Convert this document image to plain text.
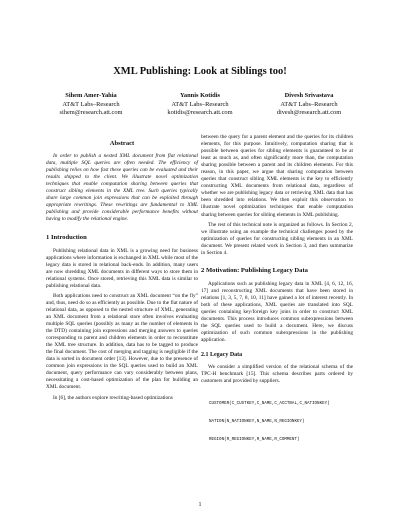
XML Publishing: Look at Siblings too!
Sihem Amer-Yahia
AT&T Labs–Research
sihem@research.att.com
Yannis Kotidis
AT&T Labs–Research
kotidis@research.att.com
Divesh Srivastava
AT&T Labs–Research
divesh@research.att.com
Abstract

In order to publish a nested XML document from flat relational data, multiple SQL queries are often needed. The efficiency of publishing relies on how fast these queries can be evaluated and their results shipped to the client. We illustrate novel optimization techniques that enable computation sharing between queries that construct sibling elements in the XML tree. Such queries typically share large common join expressions that can be exploited through appropriate rewritings. These rewritings are fundamental to XML publishing and provide considerable performance benefits without having to modify the relational engine.

1 Introduction

Publishing relational data in XML is a growing need for business applications where information is exchanged in XML while most of the legacy data is stored in relational back-ends. In addition, many users are now shredding XML documents in different ways to store them in relational systems. Once stored, retrieving this XML data is similar to publishing relational data.

Both applications need to construct an XML document “on the fly” and, thus, need do so as efficiently as possible. Due to the flat nature of relational data, as opposed to the nested structure of XML, generating an XML document from a relational store often involves evaluating multiple SQL queries (possibly as many as the number of elements in the DTD) containing join expressions and merging answers to queries corresponding to parent and children elements in order to reconstitute the XML tree structure. In addition, data has to be tagged to produce the final document. The cost of merging and tagging is negligible if the data is sorted in document order [13]. However, due to the presence of common join expressions in the SQL queries used to build an XML document, query performance can vary considerably between plans, necessitating a cost-based optimization of the plan for building an XML document.

In [6], the authors explore rewriting-based optimizations

between the query for a parent element and the queries for its children elements, for this purpose. Intuitively, computation sharing that is possible between queries for sibling elements is guaranteed to be at least as much as, and often significantly more than, the computation sharing possible between a parent and its children elements. For this reason, in this paper, we argue that sharing computation between queries that construct sibling XML elements is the key to efficiently constructing XML documents from relational data, regardless of whether we are publishing legacy data or retrieving XML data that has been shredded into relations. We then exploit this observation to illustrate novel optimization techniques that enable computation sharing between queries for sibling elements in XML publishing.

The rest of this technical note is organized as follows. In Section 2, we illustrate using an example the technical challenges posed by the optimization of queries for constructing sibling elements in an XML document. We present related work in Section 3, and then summarize in Section 4.

2 Motivation: Publishing Legacy Data

Applications such as publishing legacy data in XML [4, 6, 12, 16, 17] and reconstructing XML documents that have been stored in relations [1, 3, 5, 7, 8, 10, 11] have gained a lot of interest recently. In both of these applications, XML queries are translated into SQL queries containing key/foreign key joins in order to construct XML documents. This process introduces common subexpressions between the SQL queries used to build a document. Here, we discuss optimization of such common subexpressions in the publishing application.

2.1 Legacy Data

We consider a simplified version of the relational schema of the TPC-H benchmark [15]. This schema describes parts ordered by customers and provided by suppliers.

CUSTOMER(C_CUSTKEY,C_NAME,C_ACCTBAL,C_NATIONKEY)

NATION(N_NATIONKEY,N_NAME,N_REGIONKEY)

REGION(R_REGIONKEY,R_NAME,R_COMMENT)

1
